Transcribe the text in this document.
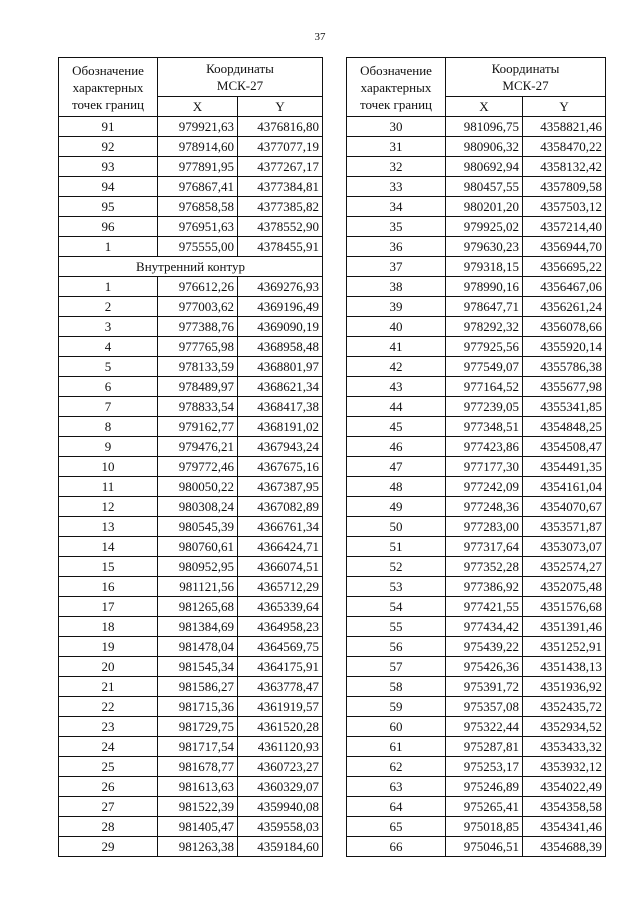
37
Обозначение
характерных
точек границ	Координаты
МСК-27	
	X	Y
91	979921,63	4376816,80
92	978914,60	4377077,19
93	977891,95	4377267,17
94	976867,41	4377384,81
95	976858,58	4377385,82
96	976951,63	4378552,90
1	975555,00	4378455,91
Внутренний контур		
1	976612,26	4369276,93
2	977003,62	4369196,49
3	977388,76	4369090,19
4	977765,98	4368958,48
5	978133,59	4368801,97
6	978489,97	4368621,34
7	978833,54	4368417,38
8	979162,77	4368191,02
9	979476,21	4367943,24
10	979772,46	4367675,16
11	980050,22	4367387,95
12	980308,24	4367082,89
13	980545,39	4366761,34
14	980760,61	4366424,71
15	980952,95	4366074,51
16	981121,56	4365712,29
17	981265,68	4365339,64
18	981384,69	4364958,23
19	981478,04	4364569,75
20	981545,34	4364175,91
21	981586,27	4363778,47
22	981715,36	4361919,57
23	981729,75	4361520,28
24	981717,54	4361120,93
25	981678,77	4360723,27
26	981613,63	4360329,07
27	981522,39	4359940,08
28	981405,47	4359558,03
29	981263,38	4359184,60
Обозначение
характерных
точек границ	Координаты
МСК-27	
	X	Y
30	981096,75	4358821,46
31	980906,32	4358470,22
32	980692,94	4358132,42
33	980457,55	4357809,58
34	980201,20	4357503,12
35	979925,02	4357214,40
36	979630,23	4356944,70
37	979318,15	4356695,22
38	978990,16	4356467,06
39	978647,71	4356261,24
40	978292,32	4356078,66
41	977925,56	4355920,14
42	977549,07	4355786,38
43	977164,52	4355677,98
44	977239,05	4355341,85
45	977348,51	4354848,25
46	977423,86	4354508,47
47	977177,30	4354491,35
48	977242,09	4354161,04
49	977248,36	4354070,67
50	977283,00	4353571,87
51	977317,64	4353073,07
52	977352,28	4352574,27
53	977386,92	4352075,48
54	977421,55	4351576,68
55	977434,42	4351391,46
56	975439,22	4351252,91
57	975426,36	4351438,13
58	975391,72	4351936,92
59	975357,08	4352435,72
60	975322,44	4352934,52
61	975287,81	4353433,32
62	975253,17	4353932,12
63	975246,89	4354022,49
64	975265,41	4354358,58
65	975018,85	4354341,46
66	975046,51	4354688,39
